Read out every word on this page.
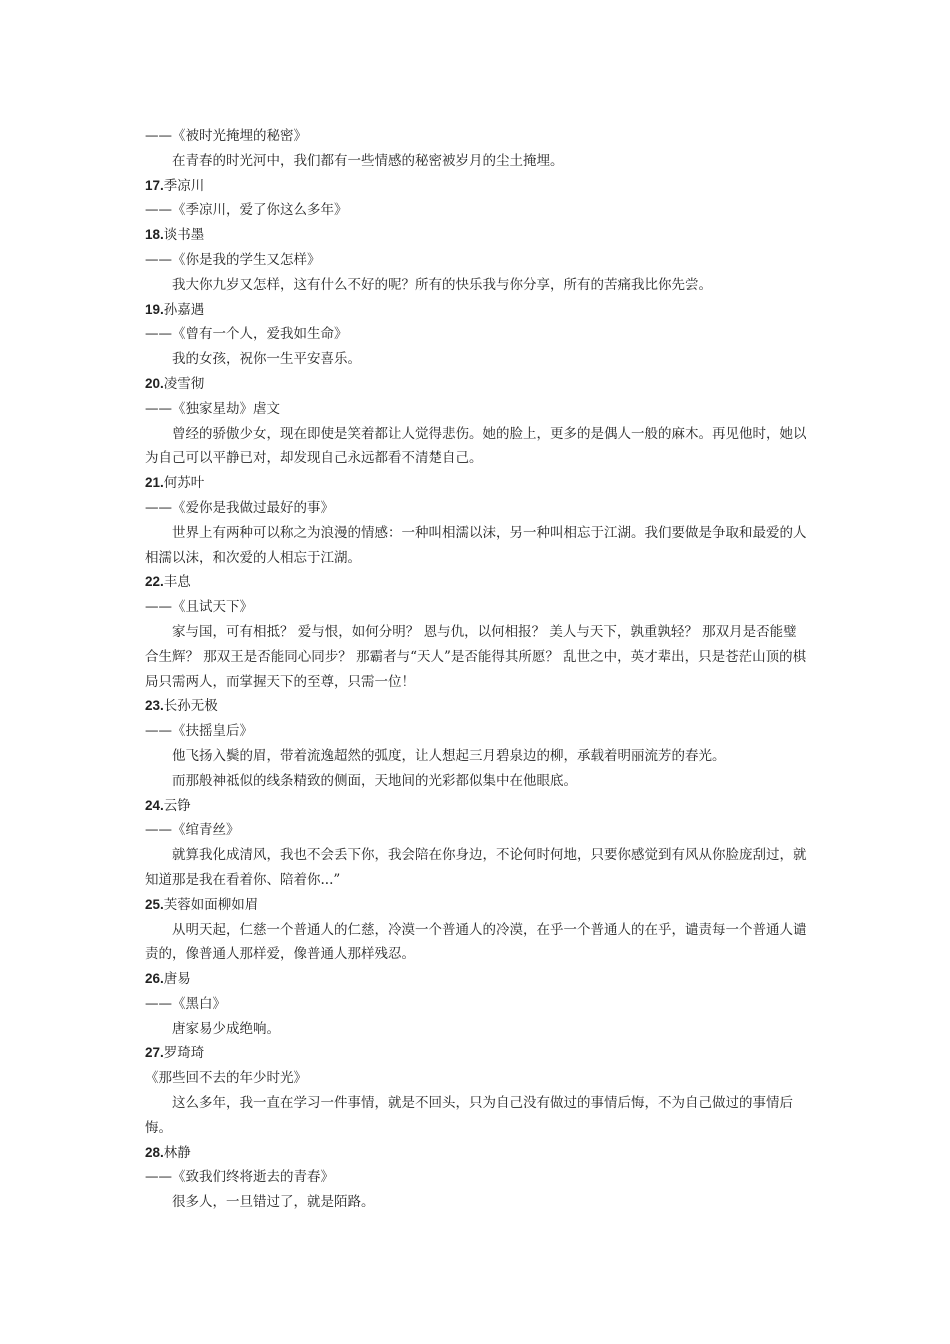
——《被时光掩埋的秘密》

在青春的时光河中，我们都有一些情感的秘密被岁月的尘土掩埋。

17.季凉川

——《季凉川，爱了你这么多年》

18.谈书墨

——《你是我的学生又怎样》

我大你九岁又怎样，这有什么不好的呢？所有的快乐我与你分享，所有的苦痛我比你先尝。

19.孙嘉遇

——《曾有一个人，爱我如生命》

我的女孩，祝你一生平安喜乐。

20.凌雪彻

——《独家星劫》虐文

曾经的骄傲少女，现在即使是笑着都让人觉得悲伤。她的脸上，更多的是偶人一般的麻木。再见他时，她以为自己可以平静已对，却发现自己永远都看不清楚自己。

21.何苏叶

——《爱你是我做过最好的事》

世界上有两种可以称之为浪漫的情感：一种叫相濡以沫，另一种叫相忘于江湖。我们要做是争取和最爱的人相濡以沫，和次爱的人相忘于江湖。

22.丰息

——《且试天下》

家与国，可有相抵？ 爱与恨，如何分明？ 恩与仇，以何相报？ 美人与天下，孰重孰轻？ 那双月是否能璧合生辉？ 那双王是否能同心同步？ 那霸者与“天人”是否能得其所愿？ 乱世之中，英才辈出，只是苍茫山顶的棋局只需两人，而掌握天下的至尊，只需一位！

23.长孙无极

——《扶摇皇后》

他飞扬入鬓的眉，带着流逸超然的弧度，让人想起三月碧泉边的柳，承载着明丽流芳的春光。

而那般神祗似的线条精致的侧面，天地间的光彩都似集中在他眼底。

24.云铮

——《绾青丝》

就算我化成清风，我也不会丢下你，我会陪在你身边，不论何时何地，只要你感觉到有风从你脸庞刮过，就知道那是我在看着你、陪着你...”

25.芙蓉如面柳如眉

从明天起，仁慈一个普通人的仁慈，冷漠一个普通人的冷漠，在乎一个普通人的在乎，谴责每一个普通人谴责的，像普通人那样爱，像普通人那样残忍。

26.唐易

——《黑白》

唐家易少成绝响。

27.罗琦琦

《那些回不去的年少时光》

这么多年，我一直在学习一件事情，就是不回头，只为自己没有做过的事情后悔，不为自己做过的事情后悔。

28.林静

——《致我们终将逝去的青春》

很多人，一旦错过了，就是陌路。
